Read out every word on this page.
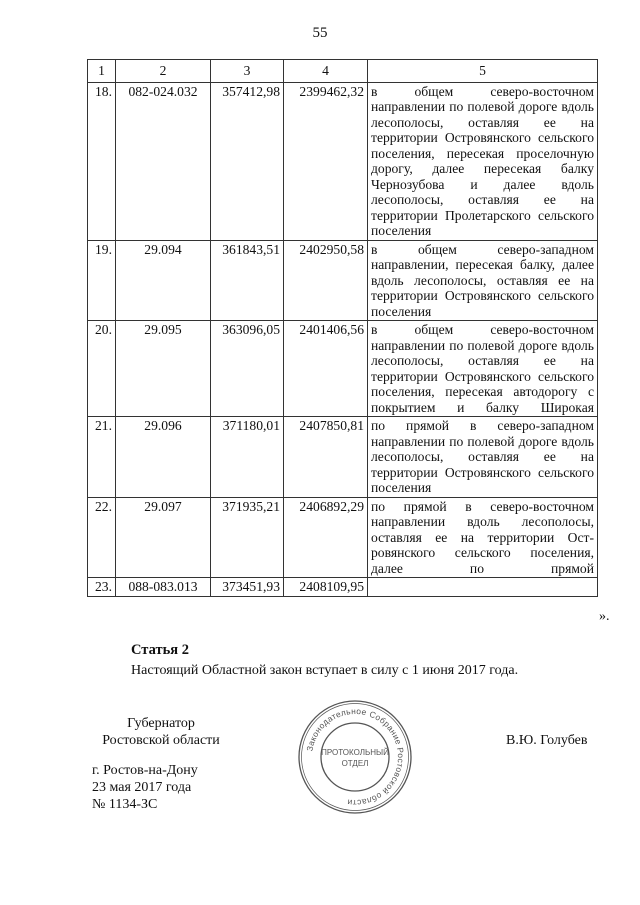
55
1	2	3	4	5
18.	082-024.032	357412,98	2399462,32	в общем северо-восточном направлении по полевой дороге вдоль лесополосы, оставляя ее на территории Островянского сельского поселения, пересекая проселочную дорогу, далее пересекая балку Чернозубова и далее вдоль лесополосы, оставляя ее на территории Пролетарского сельского поселения
19.	29.094	361843,51	2402950,58	в общем северо-западном направлении, пересекая балку, далее вдоль лесополосы, оставляя ее на территории Островянского сельского поселения
20.	29.095	363096,05	2401406,56	в общем северо-восточном направлении по полевой дороге вдоль лесополосы, оставляя ее на территории Островянского сельского поселения, пересекая автодорогу с покрытием и балку Широкая
21.	29.096	371180,01	2407850,81	по прямой в северо-западном направлении по полевой дороге вдоль лесополосы, оставляя ее на территории Островянского сельского поселения
22.	29.097	371935,21	2406892,29	по прямой в северо-восточном направлении вдоль лесополосы, оставляя ее на территории Островянского сельского поселения, далее по прямой
23.	088-083.013	373451,93	2408109,95	
».
Статья 2
Настоящий Областной закон вступает в силу с 1 июня 2017 года.
Губернатор
Ростовской области
Законодательное Собрание Ростовской области
ПРОТОКОЛЬНЫЙ
ОТДЕЛ
В.Ю. Голубев
г. Ростов-на-Дону
23 мая 2017 года
№ 1134-ЗС
